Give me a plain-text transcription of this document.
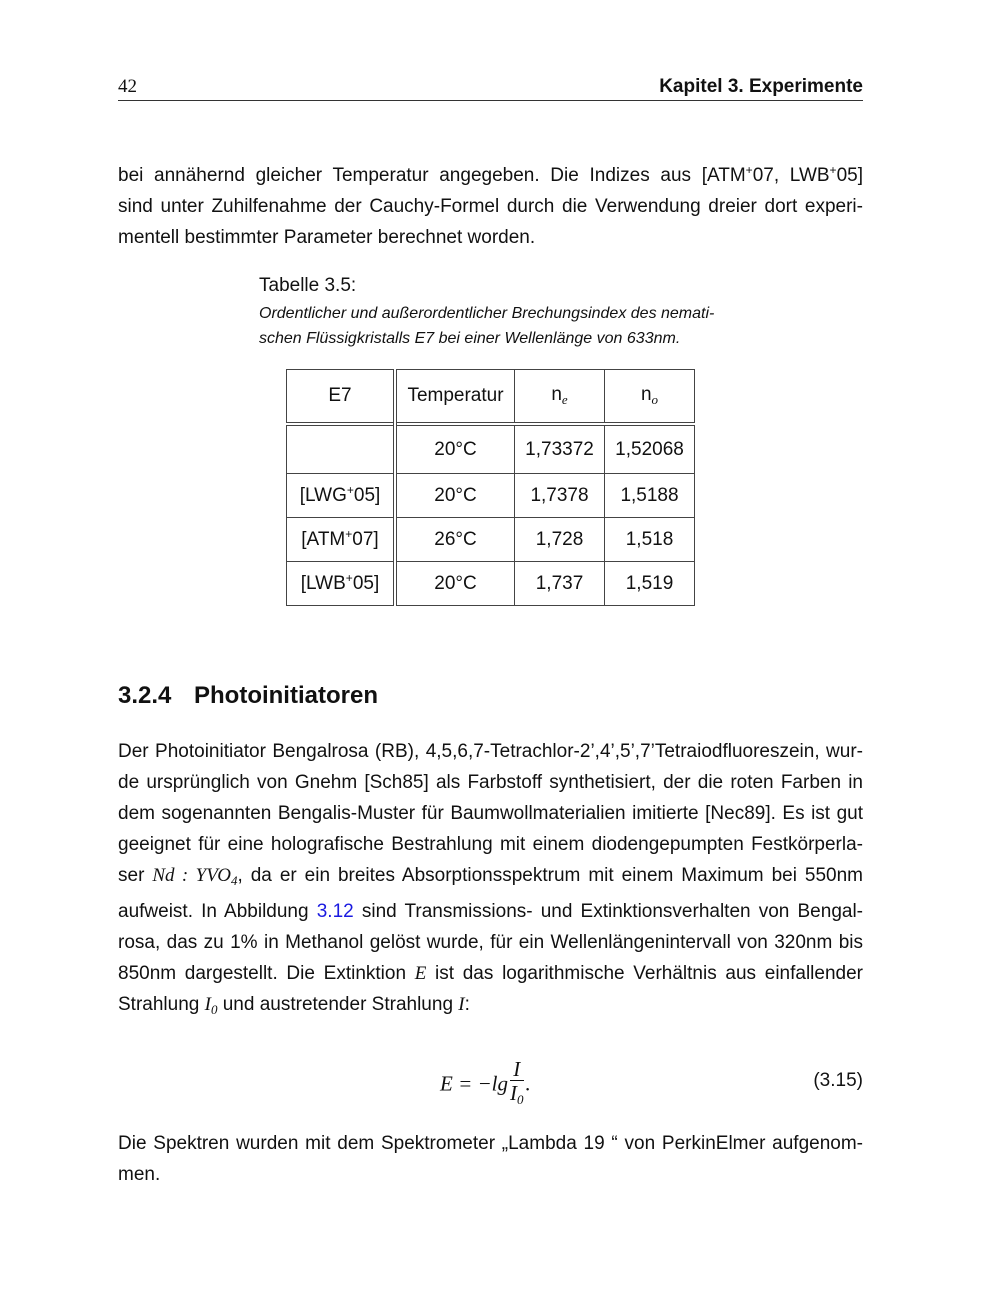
42	Kapitel 3. Experimente
bei annähernd gleicher Temperatur angegeben. Die Indizes aus [ATM+07, LWB+05]
sind unter Zuhilfenahme der Cauchy-Formel durch die Verwendung dreier dort experi-
mentell bestimmter Parameter berechnet worden.
Tabelle 3.5:
Ordentlicher und außerordentlicher Brechungsindex des nemati-
schen Flüssigkristalls E7 bei einer Wellenlänge von 633nm.
E7	Temperatur	$n_e$	$n_o$
	20°C	1,73372	1,52068
[LWG+05]	20°C	1,7378	1,5188
[ATM+07]	26°C	1,728	1,518
[LWB+05]	20°C	1,737	1,519
3.2.4 Photoinitiatoren
Der Photoinitiator Bengalrosa (RB), 4,5,6,7-Tetrachlor-2’,4’,5’,7’Tetraiodfluoreszein, wur-
de ursprünglich von Gnehm [Sch85] als Farbstoff synthetisiert, der die roten Farben in
dem sogenannten Bengalis-Muster für Baumwollmaterialien imitierte [Nec89]. Es ist gut
geeignet für eine holografische Bestrahlung mit einem diodengepumpten Festkörperla-
ser Nd : $YVO_4$, da er ein breites Absorptionsspektrum mit einem Maximum bei 550nm
aufweist. In Abbildung 3.12 sind Transmissions- und Extinktionsverhalten von Bengal-
rosa, das zu 1% in Methanol gelöst wurde, für ein Wellenlängenintervall von 320nm bis
850nm dargestellt. Die Extinktion E ist das logarithmische Verhältnis aus einfallender
Strahlung $I_0$ und austretender Strahlung I:
$E = -\lg \frac{I}{I_0}$ .	(3.15)
Die Spektren wurden mit dem Spektrometer „Lambda 19 “ von PerkinElmer aufgenom-
men.
